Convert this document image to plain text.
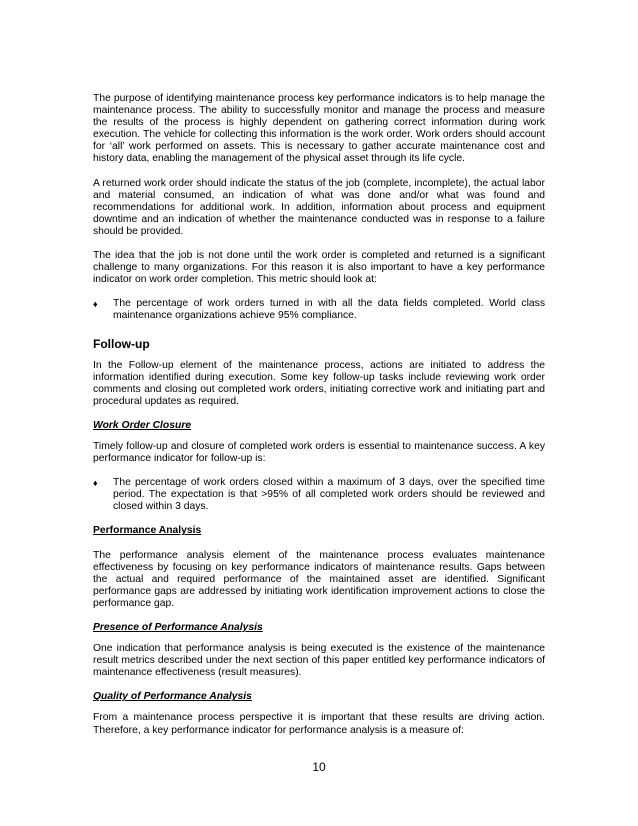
The purpose of identifying maintenance process key performance indicators is to help manage the maintenance process. The ability to successfully monitor and manage the process and measure the results of the process is highly dependent on gathering correct information during work execution. The vehicle for collecting this information is the work order. Work orders should account for ‘all’ work performed on assets. This is necessary to gather accurate maintenance cost and history data, enabling the management of the physical asset through its life cycle.

A returned work order should indicate the status of the job (complete, incomplete), the actual labor and material consumed, an indication of what was done and/or what was found and recommendations for additional work. In addition, information about process and equipment downtime and an indication of whether the maintenance conducted was in response to a failure should be provided.

The idea that the job is not done until the work order is completed and returned is a significant challenge to many organizations. For this reason it is also important to have a key performance indicator on work order completion. This metric should look at:

♦ The percentage of work orders turned in with all the data fields completed. World class maintenance organizations achieve 95% compliance.
Follow-up

In the Follow-up element of the maintenance process, actions are initiated to address the information identified during execution. Some key follow-up tasks include reviewing work order comments and closing out completed work orders, initiating corrective work and initiating part and procedural updates as required.

Work Order Closure

Timely follow-up and closure of completed work orders is essential to maintenance success. A key performance indicator for follow-up is:

♦ The percentage of work orders closed within a maximum of 3 days, over the specified time period. The expectation is that >95% of all completed work orders should be reviewed and closed within 3 days.
Performance Analysis

The performance analysis element of the maintenance process evaluates maintenance effectiveness by focusing on key performance indicators of maintenance results. Gaps between the actual and required performance of the maintained asset are identified. Significant performance gaps are addressed by initiating work identification improvement actions to close the performance gap.

Presence of Performance Analysis

One indication that performance analysis is being executed is the existence of the maintenance result metrics described under the next section of this paper entitled key performance indicators of maintenance effectiveness (result measures).

Quality of Performance Analysis

From a maintenance process perspective it is important that these results are driving action. Therefore, a key performance indicator for performance analysis is a measure of:

10
